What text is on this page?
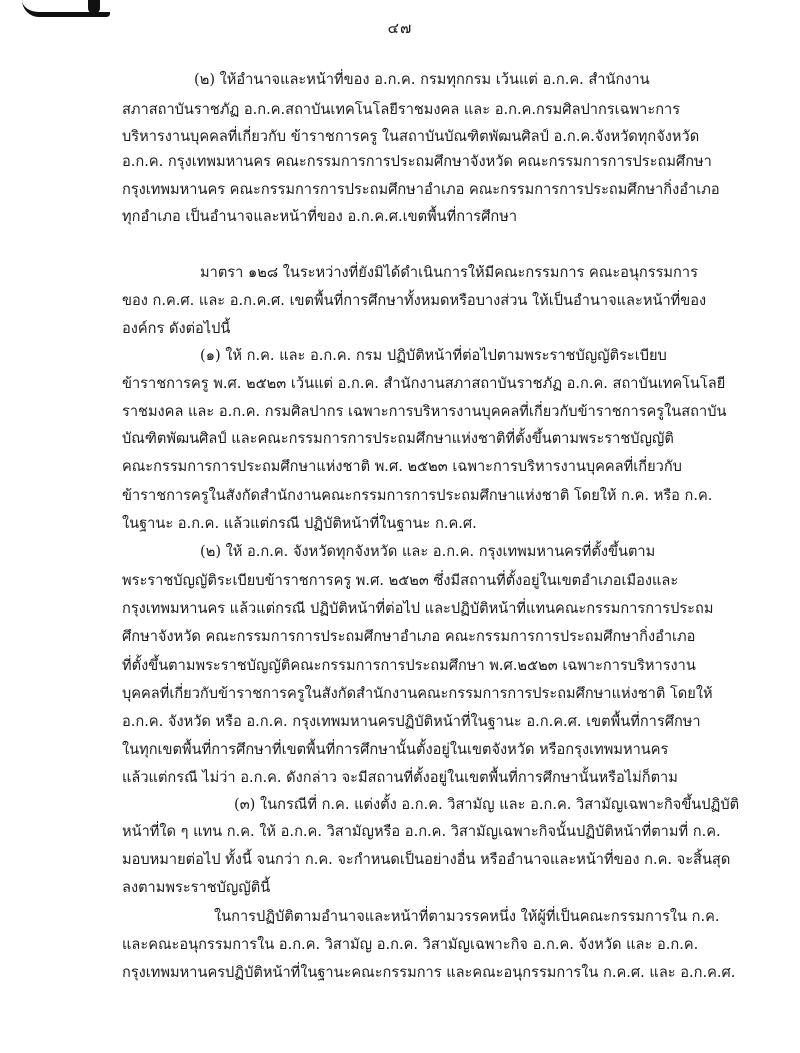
๔๗
(๒) ให้อำนาจและหน้าที่ของ อ.ก.ค. กรมทุกกรม เว้นแต่ อ.ก.ค. สำนักงาน
สภาสถาบันราชภัฏ อ.ก.ค.สถาบันเทคโนโลยีราชมงคล และ อ.ก.ค.กรมศิลปากรเฉพาะการ
บริหารงานบุคคลที่เกี่ยวกับ ข้าราชการครู ในสถาบันบัณฑิตพัฒนศิลป์ อ.ก.ค.จังหวัดทุกจังหวัด
อ.ก.ค. กรุงเทพมหานคร คณะกรรมการการประถมศึกษาจังหวัด คณะกรรมการการประถมศึกษา
กรุงเทพมหานคร คณะกรรมการการประถมศึกษาอำเภอ คณะกรรมการการประถมศึกษากิ่งอำเภอ
ทุกอำเภอ เป็นอำนาจและหน้าที่ของ อ.ก.ค.ศ.เขตพื้นที่การศึกษา
มาตรา ๑๒๘ ในระหว่างที่ยังมิได้ดำเนินการให้มีคณะกรรมการ คณะอนุกรรมการ
ของ ก.ค.ศ. และ อ.ก.ค.ศ. เขตพื้นที่การศึกษาทั้งหมดหรือบางส่วน ให้เป็นอำนาจและหน้าที่ของ
องค์กร ดังต่อไปนี้
(๑) ให้ ก.ค. และ อ.ก.ค. กรม ปฏิบัติหน้าที่ต่อไปตามพระราชบัญญัติระเบียบ
ข้าราชการครู พ.ศ. ๒๕๒๓ เว้นแต่ อ.ก.ค. สำนักงานสภาสถาบันราชภัฏ อ.ก.ค. สถาบันเทคโนโลยี
ราชมงคล และ อ.ก.ค. กรมศิลปากร เฉพาะการบริหารงานบุคคลที่เกี่ยวกับข้าราชการครูในสถาบัน
บัณฑิตพัฒนศิลป์ และคณะกรรมการการประถมศึกษาแห่งชาติที่ตั้งขึ้นตามพระราชบัญญัติ
คณะกรรมการการประถมศึกษาแห่งชาติ พ.ศ. ๒๕๒๓ เฉพาะการบริหารงานบุคคลที่เกี่ยวกับ
ข้าราชการครูในสังกัดสำนักงานคณะกรรมการการประถมศึกษาแห่งชาติ โดยให้ ก.ค. หรือ ก.ค.
ในฐานะ อ.ก.ค. แล้วแต่กรณี ปฏิบัติหน้าที่ในฐานะ ก.ค.ศ.
(๒) ให้ อ.ก.ค. จังหวัดทุกจังหวัด และ อ.ก.ค. กรุงเทพมหานครที่ตั้งขึ้นตาม
พระราชบัญญัติระเบียบข้าราชการครู พ.ศ. ๒๕๒๓ ซึ่งมีสถานที่ตั้งอยู่ในเขตอำเภอเมืองและ
กรุงเทพมหานคร แล้วแต่กรณี ปฏิบัติหน้าที่ต่อไป และปฏิบัติหน้าที่แทนคณะกรรมการการประถม
ศึกษาจังหวัด คณะกรรมการการประถมศึกษาอำเภอ คณะกรรมการการประถมศึกษากิ่งอำเภอ
ที่ตั้งขึ้นตามพระราชบัญญัติคณะกรรมการการประถมศึกษา พ.ศ.๒๕๒๓ เฉพาะการบริหารงาน
บุคคลที่เกี่ยวกับข้าราชการครูในสังกัดสำนักงานคณะกรรมการการประถมศึกษาแห่งชาติ โดยให้
อ.ก.ค. จังหวัด หรือ อ.ก.ค. กรุงเทพมหานครปฏิบัติหน้าที่ในฐานะ อ.ก.ค.ศ. เขตพื้นที่การศึกษา
ในทุกเขตพื้นที่การศึกษาที่เขตพื้นที่การศึกษานั้นตั้งอยู่ในเขตจังหวัด หรือกรุงเทพมหานคร
แล้วแต่กรณี ไม่ว่า อ.ก.ค. ดังกล่าว จะมีสถานที่ตั้งอยู่ในเขตพื้นที่การศึกษานั้นหรือไม่ก็ตาม
(๓) ในกรณีที่ ก.ค. แต่งตั้ง อ.ก.ค. วิสามัญ และ อ.ก.ค. วิสามัญเฉพาะกิจขึ้นปฏิบัติ
หน้าที่ใด ๆ แทน ก.ค. ให้ อ.ก.ค. วิสามัญหรือ อ.ก.ค. วิสามัญเฉพาะกิจนั้นปฏิบัติหน้าที่ตามที่ ก.ค.
มอบหมายต่อไป ทั้งนี้ จนกว่า ก.ค. จะกำหนดเป็นอย่างอื่น หรืออำนาจและหน้าที่ของ ก.ค. จะสิ้นสุด
ลงตามพระราชบัญญัตินี้
ในการปฏิบัติตามอำนาจและหน้าที่ตามวรรคหนึ่ง ให้ผู้ที่เป็นคณะกรรมการใน ก.ค.
และคณะอนุกรรมการใน อ.ก.ค. วิสามัญ อ.ก.ค. วิสามัญเฉพาะกิจ อ.ก.ค. จังหวัด และ อ.ก.ค.
กรุงเทพมหานครปฏิบัติหน้าที่ในฐานะคณะกรรมการ และคณะอนุกรรมการใน ก.ค.ศ. และ อ.ก.ค.ศ.
